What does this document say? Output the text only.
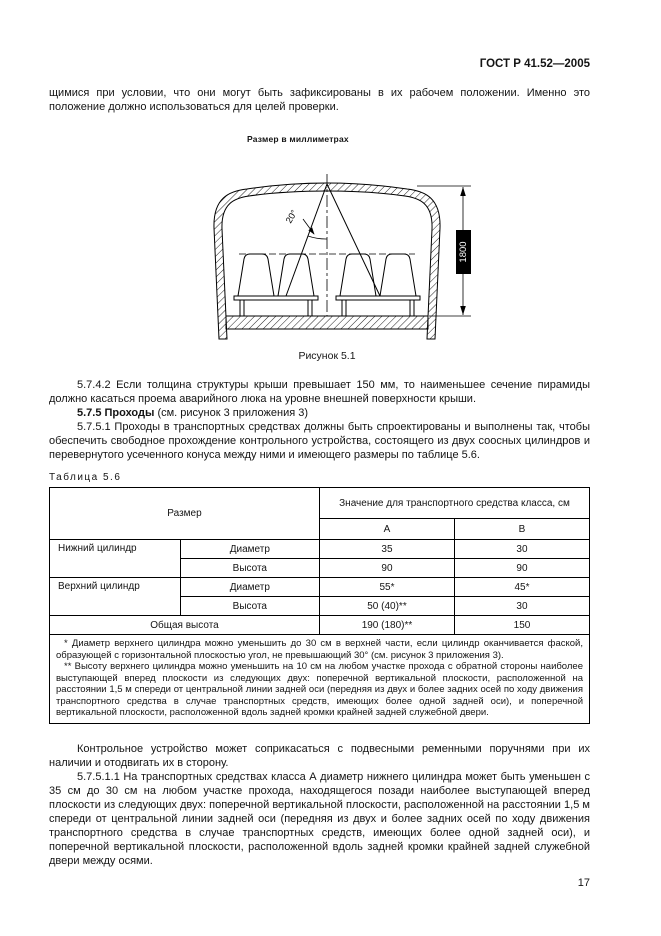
ГОСТ Р 41.52—2005

щимися при условии, что они могут быть зафиксированы в их рабочем положении. Именно это положение должно использоваться для целей проверки.

Размер в миллиметрах
20°
1800
Рисунок 5.1

5.7.4.2 Если толщина структуры крыши превышает 150 мм, то наименьшее сечение пирамиды должно касаться проема аварийного люка на уровне внешней поверхности крыши.

5.7.5 Проходы (см. рисунок 3 приложения 3)

5.7.5.1 Проходы в транспортных средствах должны быть спроектированы и выполнены так, чтобы обеспечить свободное прохождение контрольного устройства, состоящего из двух соосных цилиндров и перевернутого усеченного конуса между ними и имеющего размеры по таблице 5.6.

Таблица 5.6
Размер		Значение для транспортного средства класса, см	
		А	В
Нижний цилиндр	Диаметр	35	30
	Высота	90	90
Верхний цилиндр	Диаметр	55*	45*
	Высота	50 (40)**	30
Общая высота		190 (180)**	150

* Диаметр верхнего цилиндра можно уменьшить до 30 см в верхней части, если цилиндр оканчивается фаской, образующей с горизонтальной плоскостью угол, не превышающий 30° (см. рисунок 3 приложения 3).

** Высоту верхнего цилиндра можно уменьшить на 10 см на любом участке прохода с обратной стороны наиболее выступающей вперед плоскости из следующих двух: поперечной вертикальной плоскости, расположенной на расстоянии 1,5 м спереди от центральной линии задней оси (передняя из двух и более задних осей по ходу движения транспортного средства в случае транспортных средств, имеющих более одной задней оси), и поперечной вертикальной плоскости, расположенной вдоль задней кромки крайней задней служебной двери.			

Контрольное устройство может соприкасаться с подвесными ременными поручнями при их наличии и отодвигать их в сторону.

5.7.5.1.1 На транспортных средствах класса А диаметр нижнего цилиндра может быть уменьшен с 35 см до 30 см на любом участке прохода, находящегося позади наиболее выступающей вперед плоскости из следующих двух: поперечной вертикальной плоскости, расположенной на расстоянии 1,5 м спереди от центральной линии задней оси (передняя из двух и более задних осей по ходу движения транспортного средства в случае транспортных средств, имеющих более одной задней оси), и поперечной вертикальной плоскости, расположенной вдоль задней кромки крайней задней служебной двери между осями.

17
